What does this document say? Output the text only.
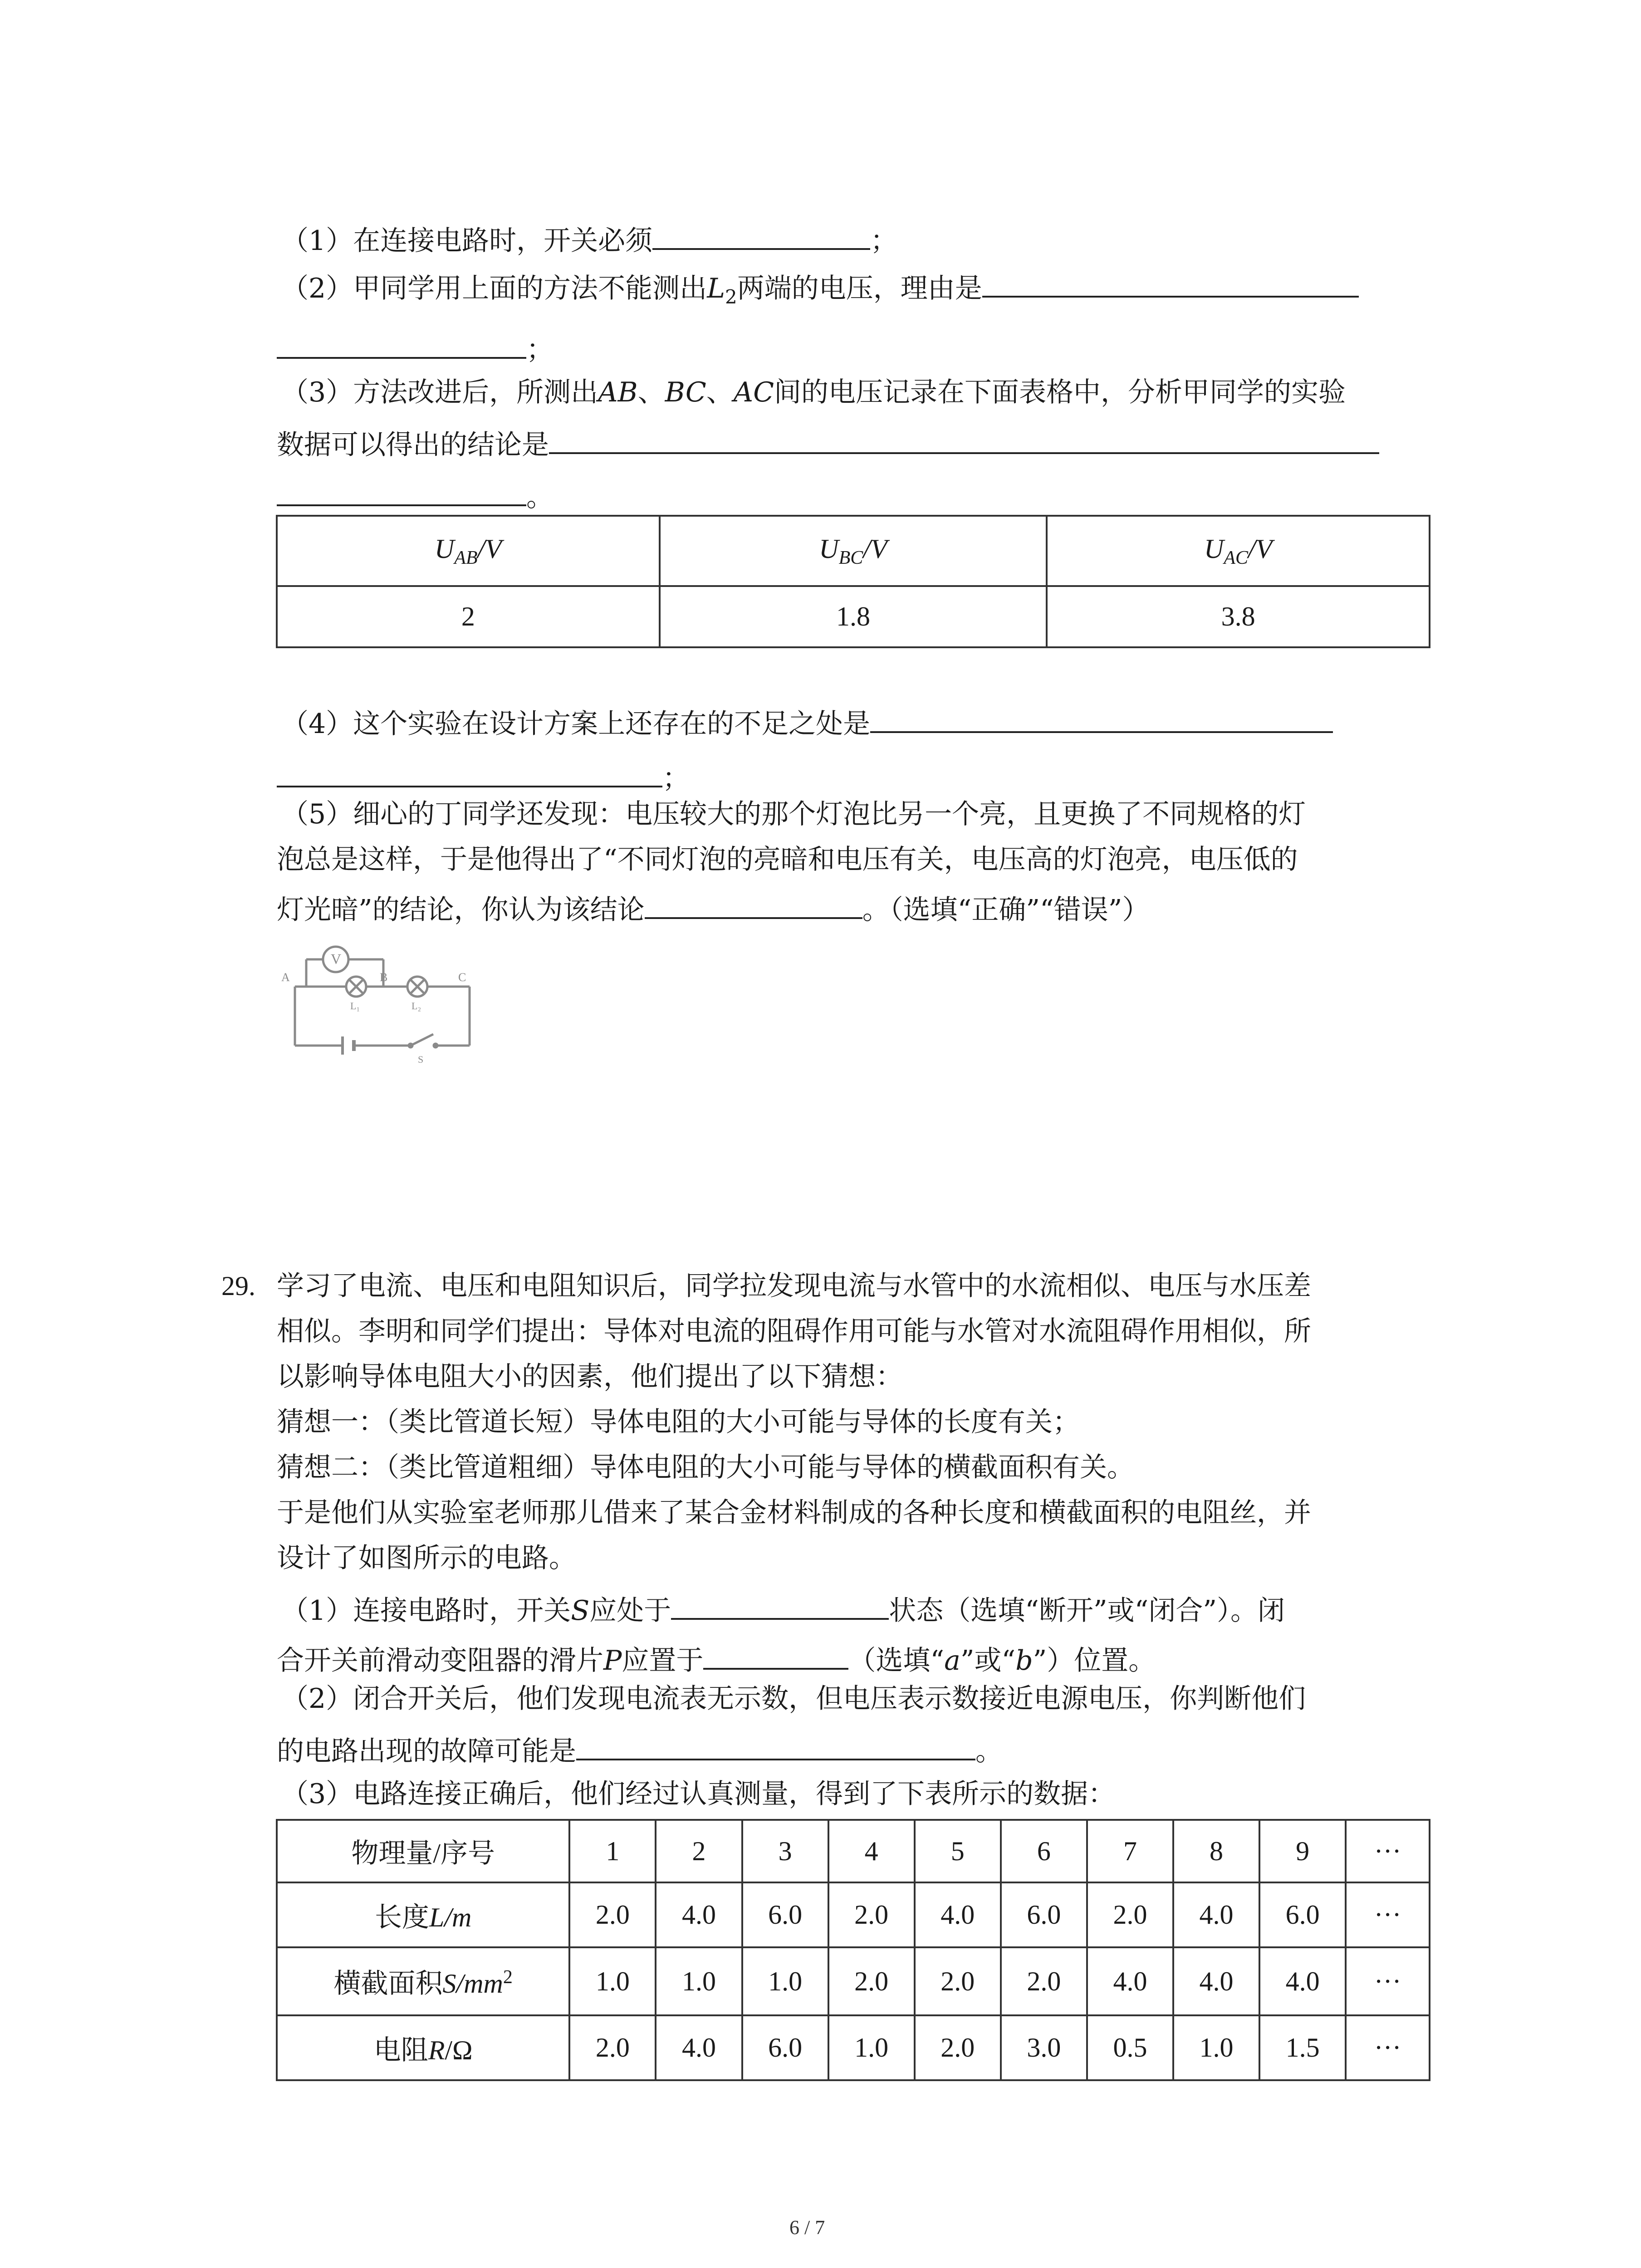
（1）在连接电路时，开关必须	；
（2）甲同学用上面的方法不能测出$L_2$两端的电压，理由是
；
（3）方法改进后，所测出AB、BC、AC间的电压记录在下面表格中，分析甲同学的实验
数据可以得出的结论是
。
$U_{AB}/V$	$U_{BC}/V$	$U_{AC}/V$
2	1.8	3.8
（4）这个实验在设计方案上还存在的不足之处是
；
（5）细心的丁同学还发现：电压较大的那个灯泡比另一个亮，且更换了不同规格的灯
泡总是这样，于是他得出了“不同灯泡的亮暗和电压有关，电压高的灯泡亮，电压低的
灯光暗”的结论，你认为该结论	。（选填“正确”“错误”）
A
V
B	C
L₁	L₂
S
29. 学习了电流、电压和电阻知识后，同学拉发现电流与水管中的水流相似、电压与水压差
相似。李明和同学们提出：导体对电流的阻碍作用可能与水管对水流阻碍作用相似，所
以影响导体电阻大小的因素，他们提出了以下猜想：
猜想一：（类比管道长短）导体电阻的大小可能与导体的长度有关；
猜想二：（类比管道粗细）导体电阻的大小可能与导体的横截面积有关。
于是他们从实验室老师那儿借来了某合金材料制成的各种长度和横截面积的电阻丝，并
设计了如图所示的电路。
（1）连接电路时，开关S应处于	状态（选填“断开”或“闭合”）。闭
合开关前滑动变阻器的滑片P应置于	（选填“a”或“b”）位置。
（2）闭合开关后，他们发现电流表无示数，但电压表示数接近电源电压，你判断他们
的电路出现的故障可能是	。
（3）电路连接正确后，他们经过认真测量，得到了下表所示的数据：
物理量/序号	1	2	3	4	5	6	7	8	9	···
长度L/m	2.0	4.0	6.0	2.0	4.0	6.0	2.0	4.0	6.0	···
横截面积$S/mm^2$	1.0	1.0	1.0	2.0	2.0	2.0	4.0	4.0	4.0	···
电阻R/Ω	2.0	4.0	6.0	1.0	2.0	3.0	0.5	1.0	1.5	···
6 / 7
